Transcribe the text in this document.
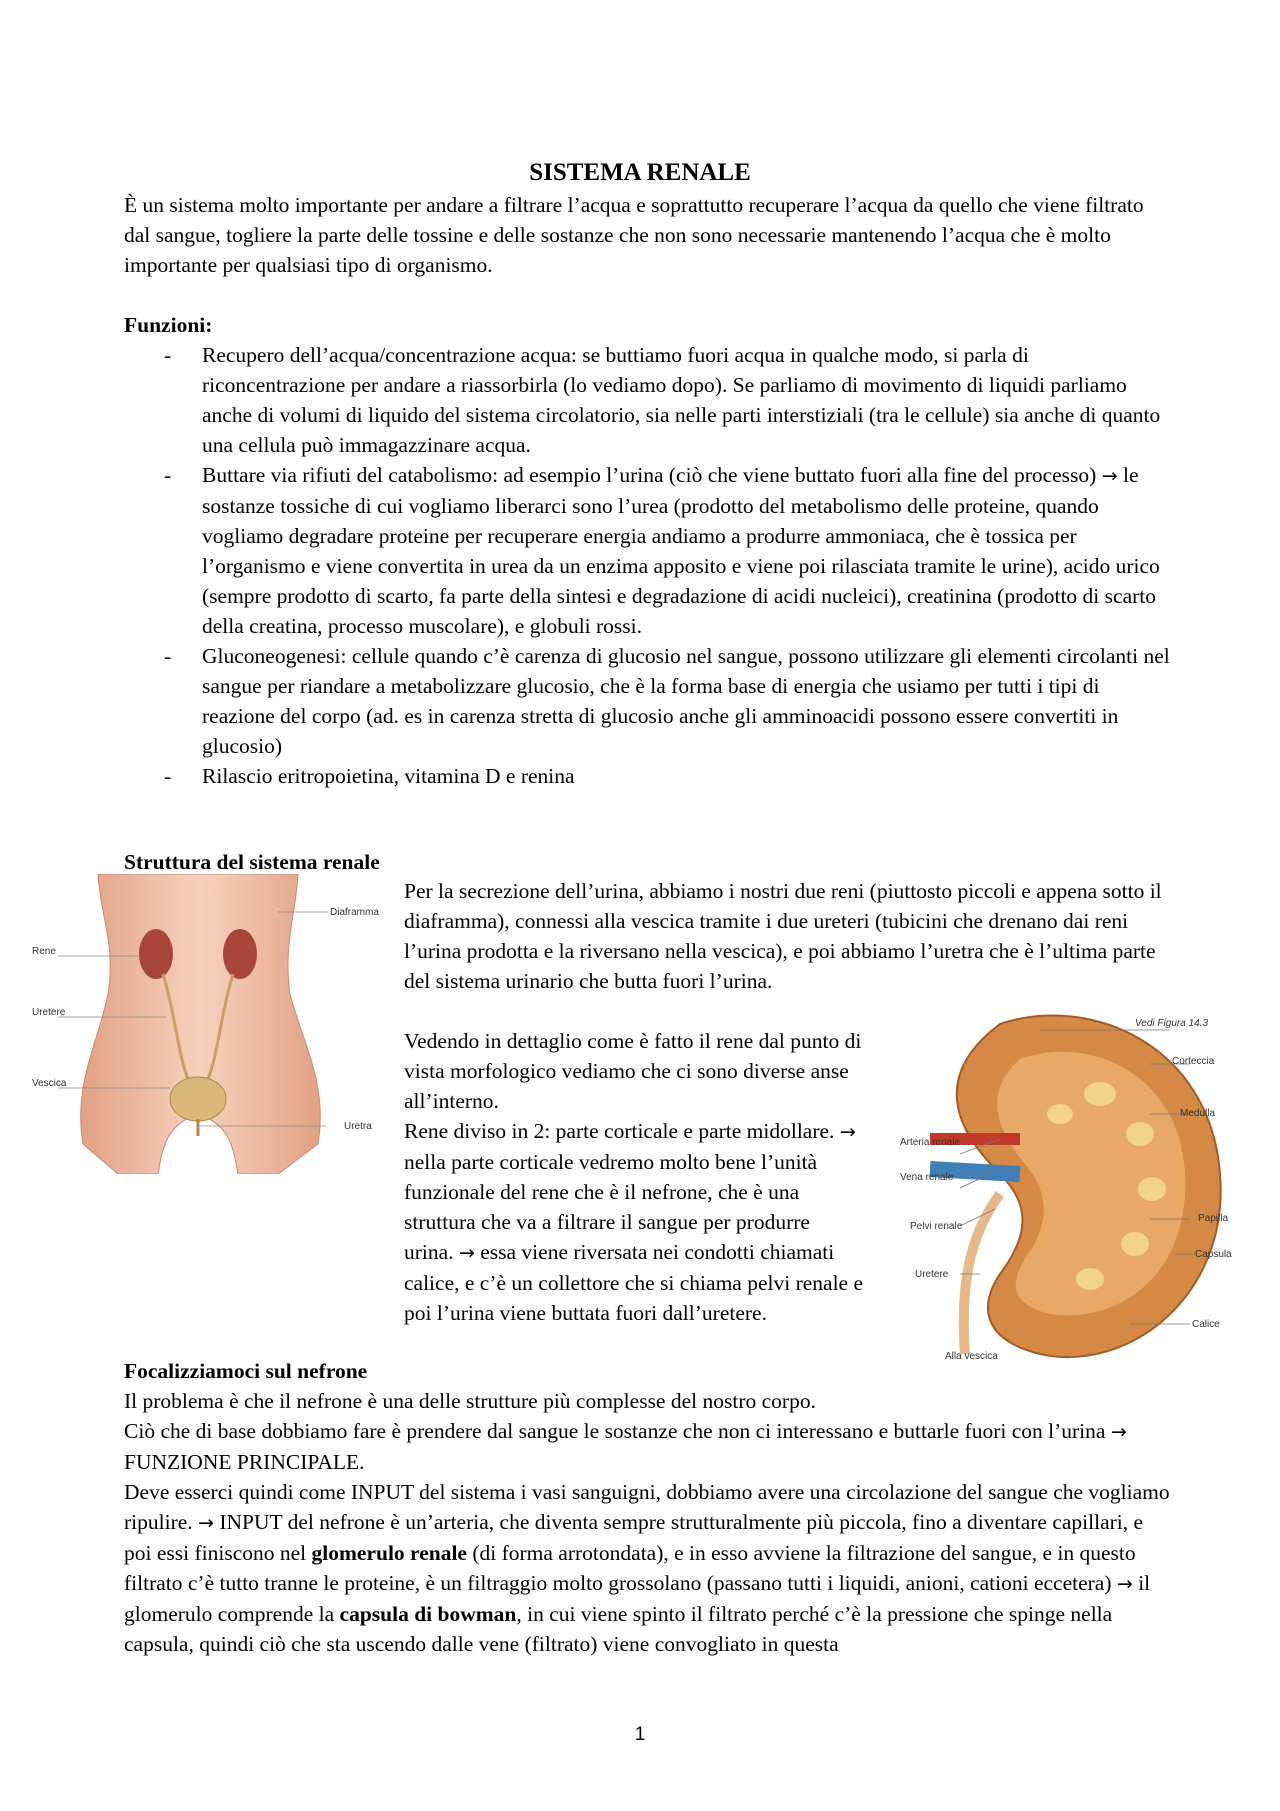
SISTEMA RENALE

È un sistema molto importante per andare a filtrare l’acqua e soprattutto recuperare l’acqua da quello che viene filtrato dal sangue, togliere la parte delle tossine e delle sostanze che non sono necessarie mantenendo l’acqua che è molto importante per qualsiasi tipo di organismo.

Funzioni:
- Recupero dell’acqua/concentrazione acqua: se buttiamo fuori acqua in qualche modo, si parla di riconcentrazione per andare a riassorbirla (lo vediamo dopo). Se parliamo di movimento di liquidi parliamo anche di volumi di liquido del sistema circolatorio, sia nelle parti interstiziali (tra le cellule) sia anche di quanto una cellula può immagazzinare acqua.
- Buttare via rifiuti del catabolismo: ad esempio l’urina (ciò che viene buttato fuori alla fine del processo) → le sostanze tossiche di cui vogliamo liberarci sono l’urea (prodotto del metabolismo delle proteine, quando vogliamo degradare proteine per recuperare energia andiamo a produrre ammoniaca, che è tossica per l’organismo e viene convertita in urea da un enzima apposito e viene poi rilasciata tramite le urine), acido urico (sempre prodotto di scarto, fa parte della sintesi e degradazione di acidi nucleici), creatinina (prodotto di scarto della creatina, processo muscolare), e globuli rossi.
- Gluconeogenesi: cellule quando c’è carenza di glucosio nel sangue, possono utilizzare gli elementi circolanti nel sangue per riandare a metabolizzare glucosio, che è la forma base di energia che usiamo per tutti i tipi di reazione del corpo (ad. es in carenza stretta di glucosio anche gli amminoacidi possono essere convertiti in glucosio)
- Rilascio eritropoietina, vitamina D e renina
Struttura del sistema renale
Diaframma
Rene
Uretere
Vescica
Uretra

Per la secrezione dell’urina, abbiamo i nostri due reni (piuttosto piccoli e appena sotto il diaframma), connessi alla vescica tramite i due ureteri (tubicini che drenano dai reni l’urina prodotta e la riversano nella vescica), e poi abbiamo l’uretra che è l’ultima parte del sistema urinario che butta fuori l’urina.

Vedendo in dettaglio come è fatto il rene dal punto di vista morfologico vediamo che ci sono diverse anse all’interno.

Rene diviso in 2: parte corticale e parte midollare. → nella parte corticale vedremo molto bene l’unità funzionale del rene che è il nefrone, che è una struttura che va a filtrare il sangue per produrre urina. → essa viene riversata nei condotti chiamati calice, e c’è un collettore che si chiama pelvi renale e poi l’urina viene buttata fuori dall’uretere.

Vedi Figura 14.3
Corteccia
Medulla
Arteria renale
Vena renale
Papilla
Pelvi renale
Capsula
Uretere
Calice
Alla vescica
Focalizziamoci sul nefrone

Il problema è che il nefrone è una delle strutture più complesse del nostro corpo.

Ciò che di base dobbiamo fare è prendere dal sangue le sostanze che non ci interessano e buttarle fuori con l’urina → FUNZIONE PRINCIPALE.

Deve esserci quindi come INPUT del sistema i vasi sanguigni, dobbiamo avere una circolazione del sangue che vogliamo ripulire. → INPUT del nefrone è un’arteria, che diventa sempre strutturalmente più piccola, fino a diventare capillari, e poi essi finiscono nel glomerulo renale (di forma arrotondata), e in esso avviene la filtrazione del sangue, e in questo filtrato c’è tutto tranne le proteine, è un filtraggio molto grossolano (passano tutti i liquidi, anioni, cationi eccetera) → il glomerulo comprende la capsula di bowman, in cui viene spinto il filtrato perché c’è la pressione che spinge nella capsula, quindi ciò che sta uscendo dalle vene (filtrato) viene convogliato in questa

1
